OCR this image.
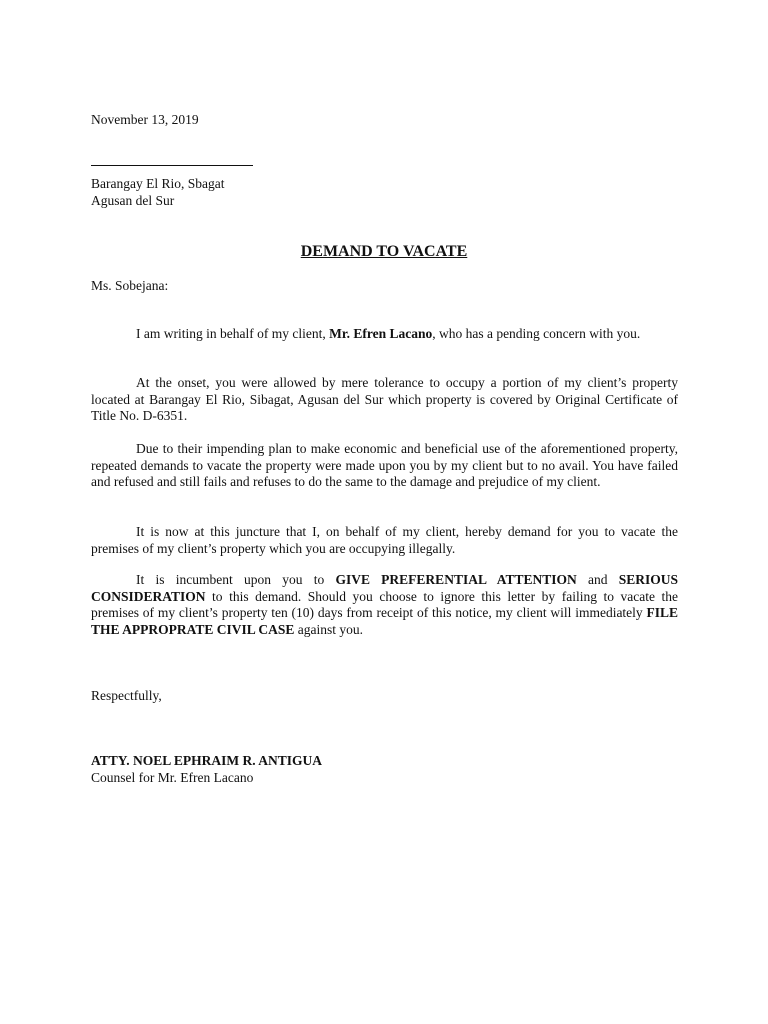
November 13, 2019
Barangay El Rio, Sbagat
Agusan del Sur
DEMAND TO VACATE
Ms. Sobejana:
I am writing in behalf of my client, Mr. Efren Lacano, who has a pending concern with you.
At the onset, you were allowed by mere tolerance to occupy a portion of my client’s property located at Barangay El Rio, Sibagat, Agusan del Sur which property is covered by Original Certificate of Title No. D-6351.
Due to their impending plan to make economic and beneficial use of the aforementioned property, repeated demands to vacate the property were made upon you by my client but to no avail. You have failed and refused and still fails and refuses to do the same to the damage and prejudice of my client.
It is now at this juncture that I, on behalf of my client, hereby demand for you to vacate the premises of my client’s property which you are occupying illegally.
It is incumbent upon you to GIVE PREFERENTIAL ATTENTION and SERIOUS CONSIDERATION to this demand. Should you choose to ignore this letter by failing to vacate the premises of my client’s property ten (10) days from receipt of this notice, my client will immediately FILE THE APPROPRATE CIVIL CASE against you.
Respectfully,
ATTY. NOEL EPHRAIM R. ANTIGUA
Counsel for Mr. Efren Lacano
